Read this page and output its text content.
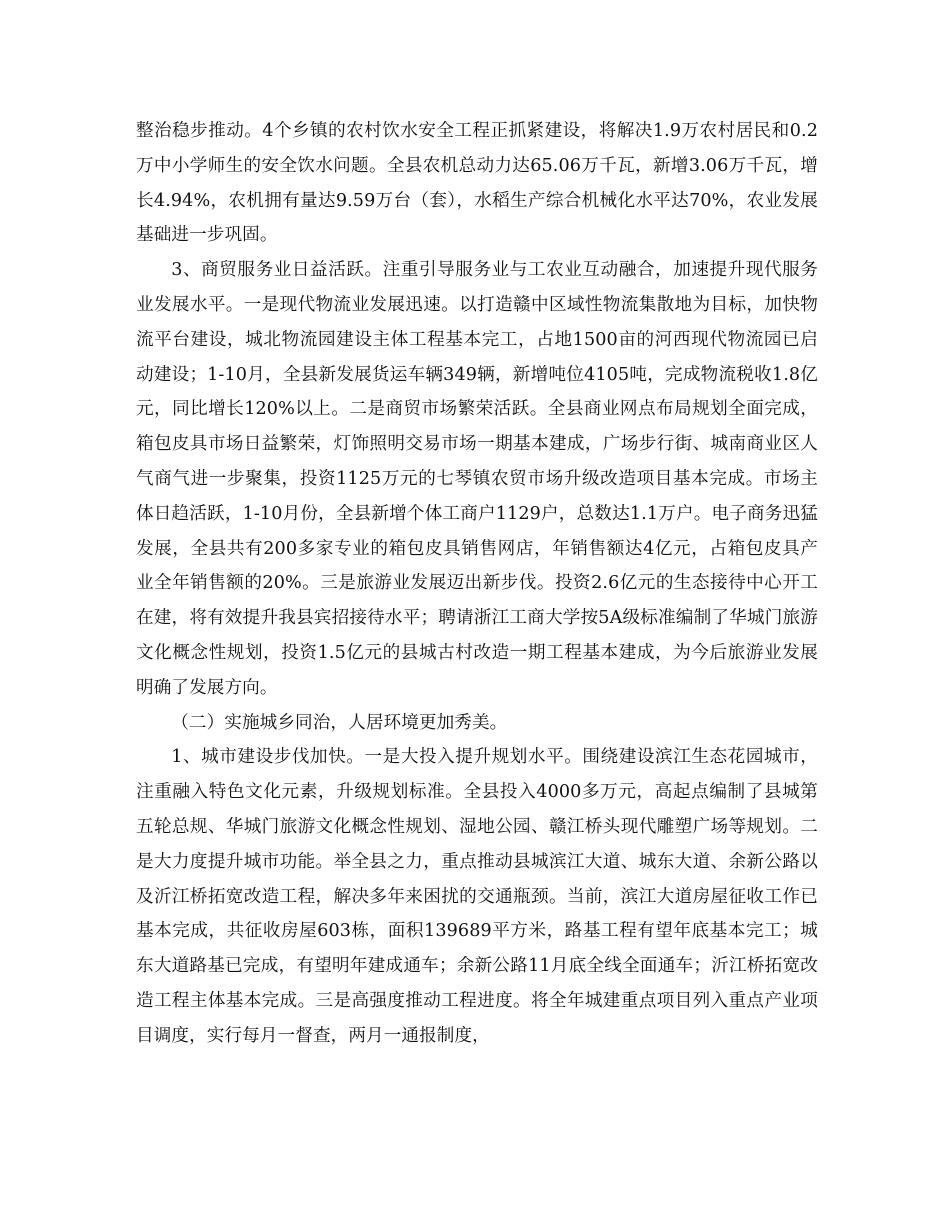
整治稳步推动。4个乡镇的农村饮水安全工程正抓紧建设，将解决1.9万农村居民和0.2万中小学师生的安全饮水问题。全县农机总动力达65.06万千瓦，新增3.06万千瓦，增长4.94%，农机拥有量达9.59万台（套），水稻生产综合机械化水平达70%，农业发展基础进一步巩固。

3、商贸服务业日益活跃。注重引导服务业与工农业互动融合，加速提升现代服务业发展水平。一是现代物流业发展迅速。以打造赣中区域性物流集散地为目标，加快物流平台建设，城北物流园建设主体工程基本完工，占地1500亩的河西现代物流园已启动建设；1-10月，全县新发展货运车辆349辆，新增吨位4105吨，完成物流税收1.8亿元，同比增长120%以上。二是商贸市场繁荣活跃。全县商业网点布局规划全面完成，箱包皮具市场日益繁荣，灯饰照明交易市场一期基本建成，广场步行街、城南商业区人气商气进一步聚集，投资1125万元的七琴镇农贸市场升级改造项目基本完成。市场主体日趋活跃，1-10月份，全县新增个体工商户1129户，总数达1.1万户。电子商务迅猛发展，全县共有200多家专业的箱包皮具销售网店，年销售额达4亿元，占箱包皮具产业全年销售额的20%。三是旅游业发展迈出新步伐。投资2.6亿元的生态接待中心开工在建，将有效提升我县宾招接待水平；聘请浙江工商大学按5A级标准编制了华城门旅游文化概念性规划，投资1.5亿元的县城古村改造一期工程基本建成，为今后旅游业发展明确了发展方向。

（二）实施城乡同治，人居环境更加秀美。

1、城市建设步伐加快。一是大投入提升规划水平。围绕建设滨江生态花园城市，注重融入特色文化元素，升级规划标准。全县投入4000多万元，高起点编制了县城第五轮总规、华城门旅游文化概念性规划、湿地公园、赣江桥头现代雕塑广场等规划。二是大力度提升城市功能。举全县之力，重点推动县城滨江大道、城东大道、余新公路以及沂江桥拓宽改造工程，解决多年来困扰的交通瓶颈。当前，滨江大道房屋征收工作已基本完成，共征收房屋603栋，面积139689平方米，路基工程有望年底基本完工；城东大道路基已完成，有望明年建成通车；余新公路11月底全线全面通车；沂江桥拓宽改造工程主体基本完成。三是高强度推动工程进度。将全年城建重点项目列入重点产业项目调度，实行每月一督查，两月一通报制度，
